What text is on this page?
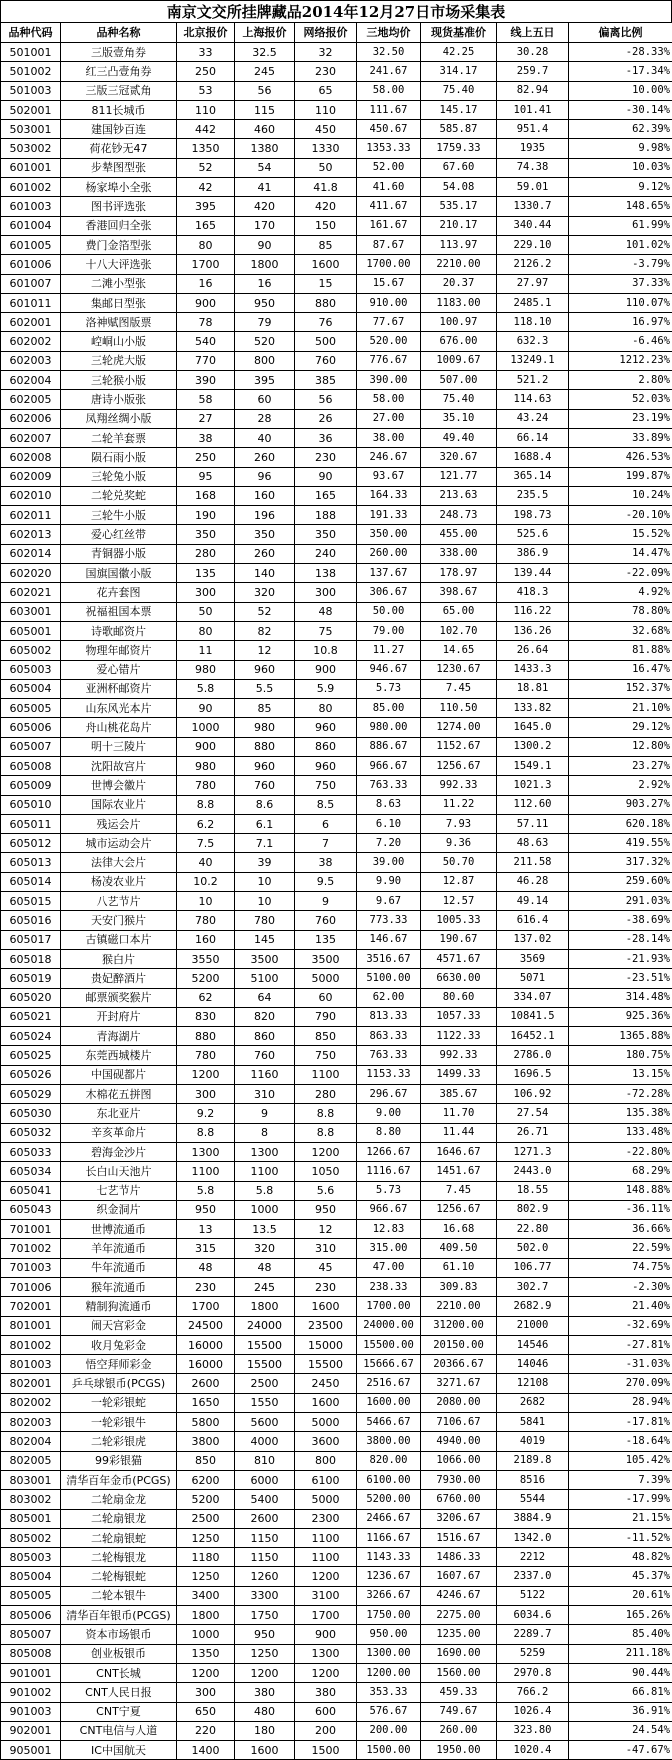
南京文交所挂牌藏品2014年12月27日市场采集表
品种代码	品种名称	北京报价	上海报价	网络报价	三地均价	现货基准价	线上五日	偏离比例
501001	三版壹角券	33	32.5	32	32.50	42.25	30.28	-28.33%
501002	红三凸壹角券	250	245	230	241.67	314.17	259.7	-17.34%
501003	三版三冠贰角	53	56	65	58.00	75.40	82.94	10.00%
502001	811长城币	110	115	110	111.67	145.17	101.41	-30.14%
503001	建国钞百连	442	460	450	450.67	585.87	951.4	62.39%
503002	荷花钞无47	1350	1380	1330	1353.33	1759.33	1935	9.98%
601001	步辇图型张	52	54	50	52.00	67.60	74.38	10.03%
601002	杨家埠小全张	42	41	41.8	41.60	54.08	59.01	9.12%
601003	图书评选张	395	420	420	411.67	535.17	1330.7	148.65%
601004	香港回归全张	165	170	150	161.67	210.17	340.44	61.99%
601005	费门金箔型张	80	90	85	87.67	113.97	229.10	101.02%
601006	十八大评选张	1700	1800	1600	1700.00	2210.00	2126.2	-3.79%
601007	二滩小型张	16	16	15	15.67	20.37	27.97	37.33%
601011	集邮日型张	900	950	880	910.00	1183.00	2485.1	110.07%
602001	洛神赋图版票	78	79	76	77.67	100.97	118.10	16.97%
602002	崆峒山小版	540	520	500	520.00	676.00	632.3	-6.46%
602003	三轮虎大版	770	800	760	776.67	1009.67	13249.1	1212.23%
602004	三轮猴小版	390	395	385	390.00	507.00	521.2	2.80%
602005	唐诗小版张	58	60	56	58.00	75.40	114.63	52.03%
602006	凤翔丝绸小版	27	28	26	27.00	35.10	43.24	23.19%
602007	二轮羊套票	38	40	36	38.00	49.40	66.14	33.89%
602008	陨石雨小版	250	260	230	246.67	320.67	1688.4	426.53%
602009	三轮兔小版	95	96	90	93.67	121.77	365.14	199.87%
602010	二轮兑奖蛇	168	160	165	164.33	213.63	235.5	10.24%
602011	三轮牛小版	190	196	188	191.33	248.73	198.73	-20.10%
602013	爱心红丝带	350	350	350	350.00	455.00	525.6	15.52%
602014	青铜器小版	280	260	240	260.00	338.00	386.9	14.47%
602020	国旗国徽小版	135	140	138	137.67	178.97	139.44	-22.09%
602021	花卉套图	300	320	300	306.67	398.67	418.3	4.92%
603001	祝福祖国本票	50	52	48	50.00	65.00	116.22	78.80%
605001	诗歌邮资片	80	82	75	79.00	102.70	136.26	32.68%
605002	物理年邮资片	11	12	10.8	11.27	14.65	26.64	81.88%
605003	爱心错片	980	960	900	946.67	1230.67	1433.3	16.47%
605004	亚洲杯邮资片	5.8	5.5	5.9	5.73	7.45	18.81	152.37%
605005	山东风光本片	90	85	80	85.00	110.50	133.82	21.10%
605006	舟山桃花岛片	1000	980	960	980.00	1274.00	1645.0	29.12%
605007	明十三陵片	900	880	860	886.67	1152.67	1300.2	12.80%
605008	沈阳故宫片	980	960	960	966.67	1256.67	1549.1	23.27%
605009	世博会徽片	780	760	750	763.33	992.33	1021.3	2.92%
605010	国际农业片	8.8	8.6	8.5	8.63	11.22	112.60	903.27%
605011	残运会片	6.2	6.1	6	6.10	7.93	57.11	620.18%
605012	城市运动会片	7.5	7.1	7	7.20	9.36	48.63	419.55%
605013	法律大会片	40	39	38	39.00	50.70	211.58	317.32%
605014	杨凌农业片	10.2	10	9.5	9.90	12.87	46.28	259.60%
605015	八艺节片	10	10	9	9.67	12.57	49.14	291.03%
605016	天安门猴片	780	780	760	773.33	1005.33	616.4	-38.69%
605017	古镇磁口本片	160	145	135	146.67	190.67	137.02	-28.14%
605018	猴白片	3550	3500	3500	3516.67	4571.67	3569	-21.93%
605019	贵妃醉酒片	5200	5100	5000	5100.00	6630.00	5071	-23.51%
605020	邮票颁奖猴片	62	64	60	62.00	80.60	334.07	314.48%
605021	开封府片	830	820	790	813.33	1057.33	10841.5	925.36%
605024	青海湖片	880	860	850	863.33	1122.33	16452.1	1365.88%
605025	东莞西城楼片	780	760	750	763.33	992.33	2786.0	180.75%
605026	中国砚都片	1200	1160	1100	1153.33	1499.33	1696.5	13.15%
605029	木棉花五拼图	300	310	280	296.67	385.67	106.92	-72.28%
605030	东北亚片	9.2	9	8.8	9.00	11.70	27.54	135.38%
605032	辛亥革命片	8.8	8	8.8	8.80	11.44	26.71	133.48%
605033	碧海金沙片	1300	1300	1200	1266.67	1646.67	1271.3	-22.80%
605034	长白山天池片	1100	1100	1050	1116.67	1451.67	2443.0	68.29%
605041	七艺节片	5.8	5.8	5.6	5.73	7.45	18.55	148.88%
605043	织金洞片	950	1000	950	966.67	1256.67	802.9	-36.11%
701001	世博流通币	13	13.5	12	12.83	16.68	22.80	36.66%
701002	羊年流通币	315	320	310	315.00	409.50	502.0	22.59%
701003	牛年流通币	48	48	45	47.00	61.10	106.77	74.75%
701006	猴年流通币	230	245	230	238.33	309.83	302.7	-2.30%
702001	精制狗流通币	1700	1800	1600	1700.00	2210.00	2682.9	21.40%
801001	闹天宫彩金	24500	24000	23500	24000.00	31200.00	21000	-32.69%
801002	收月兔彩金	16000	15500	15000	15500.00	20150.00	14546	-27.81%
801003	悟空拜师彩金	16000	15500	15500	15666.67	20366.67	14046	-31.03%
802001	乒乓球银币(PCGS)	2600	2500	2450	2516.67	3271.67	12108	270.09%
802002	一轮彩银蛇	1650	1550	1600	1600.00	2080.00	2682	28.94%
802003	一轮彩银牛	5800	5600	5000	5466.67	7106.67	5841	-17.81%
802004	二轮彩银虎	3800	4000	3600	3800.00	4940.00	4019	-18.64%
802005	99彩银猫	850	810	800	820.00	1066.00	2189.8	105.42%
803001	清华百年金币(PCGS)	6200	6000	6100	6100.00	7930.00	8516	7.39%
803002	二轮扇金龙	5200	5400	5000	5200.00	6760.00	5544	-17.99%
805001	二轮扇银龙	2500	2600	2300	2466.67	3206.67	3884.9	21.15%
805002	二轮扇银蛇	1250	1150	1100	1166.67	1516.67	1342.0	-11.52%
805003	二轮梅银龙	1180	1150	1100	1143.33	1486.33	2212	48.82%
805004	二轮梅银蛇	1250	1260	1200	1236.67	1607.67	2337.0	45.37%
805005	二轮本银牛	3400	3300	3100	3266.67	4246.67	5122	20.61%
805006	清华百年银币(PCGS)	1800	1750	1700	1750.00	2275.00	6034.6	165.26%
805007	资本市场银币	1000	950	900	950.00	1235.00	2289.7	85.40%
805008	创业板银币	1350	1250	1300	1300.00	1690.00	5259	211.18%
901001	CNT长城	1200	1200	1200	1200.00	1560.00	2970.8	90.44%
901002	CNT人民日报	300	380	380	353.33	459.33	766.2	66.81%
901003	CNT宁夏	650	480	600	576.67	749.67	1026.4	36.91%
902001	CNT电信与人道	220	180	200	200.00	260.00	323.80	24.54%
905001	IC中国航天	1400	1600	1500	1500.00	1950.00	1020.4	-47.67%
